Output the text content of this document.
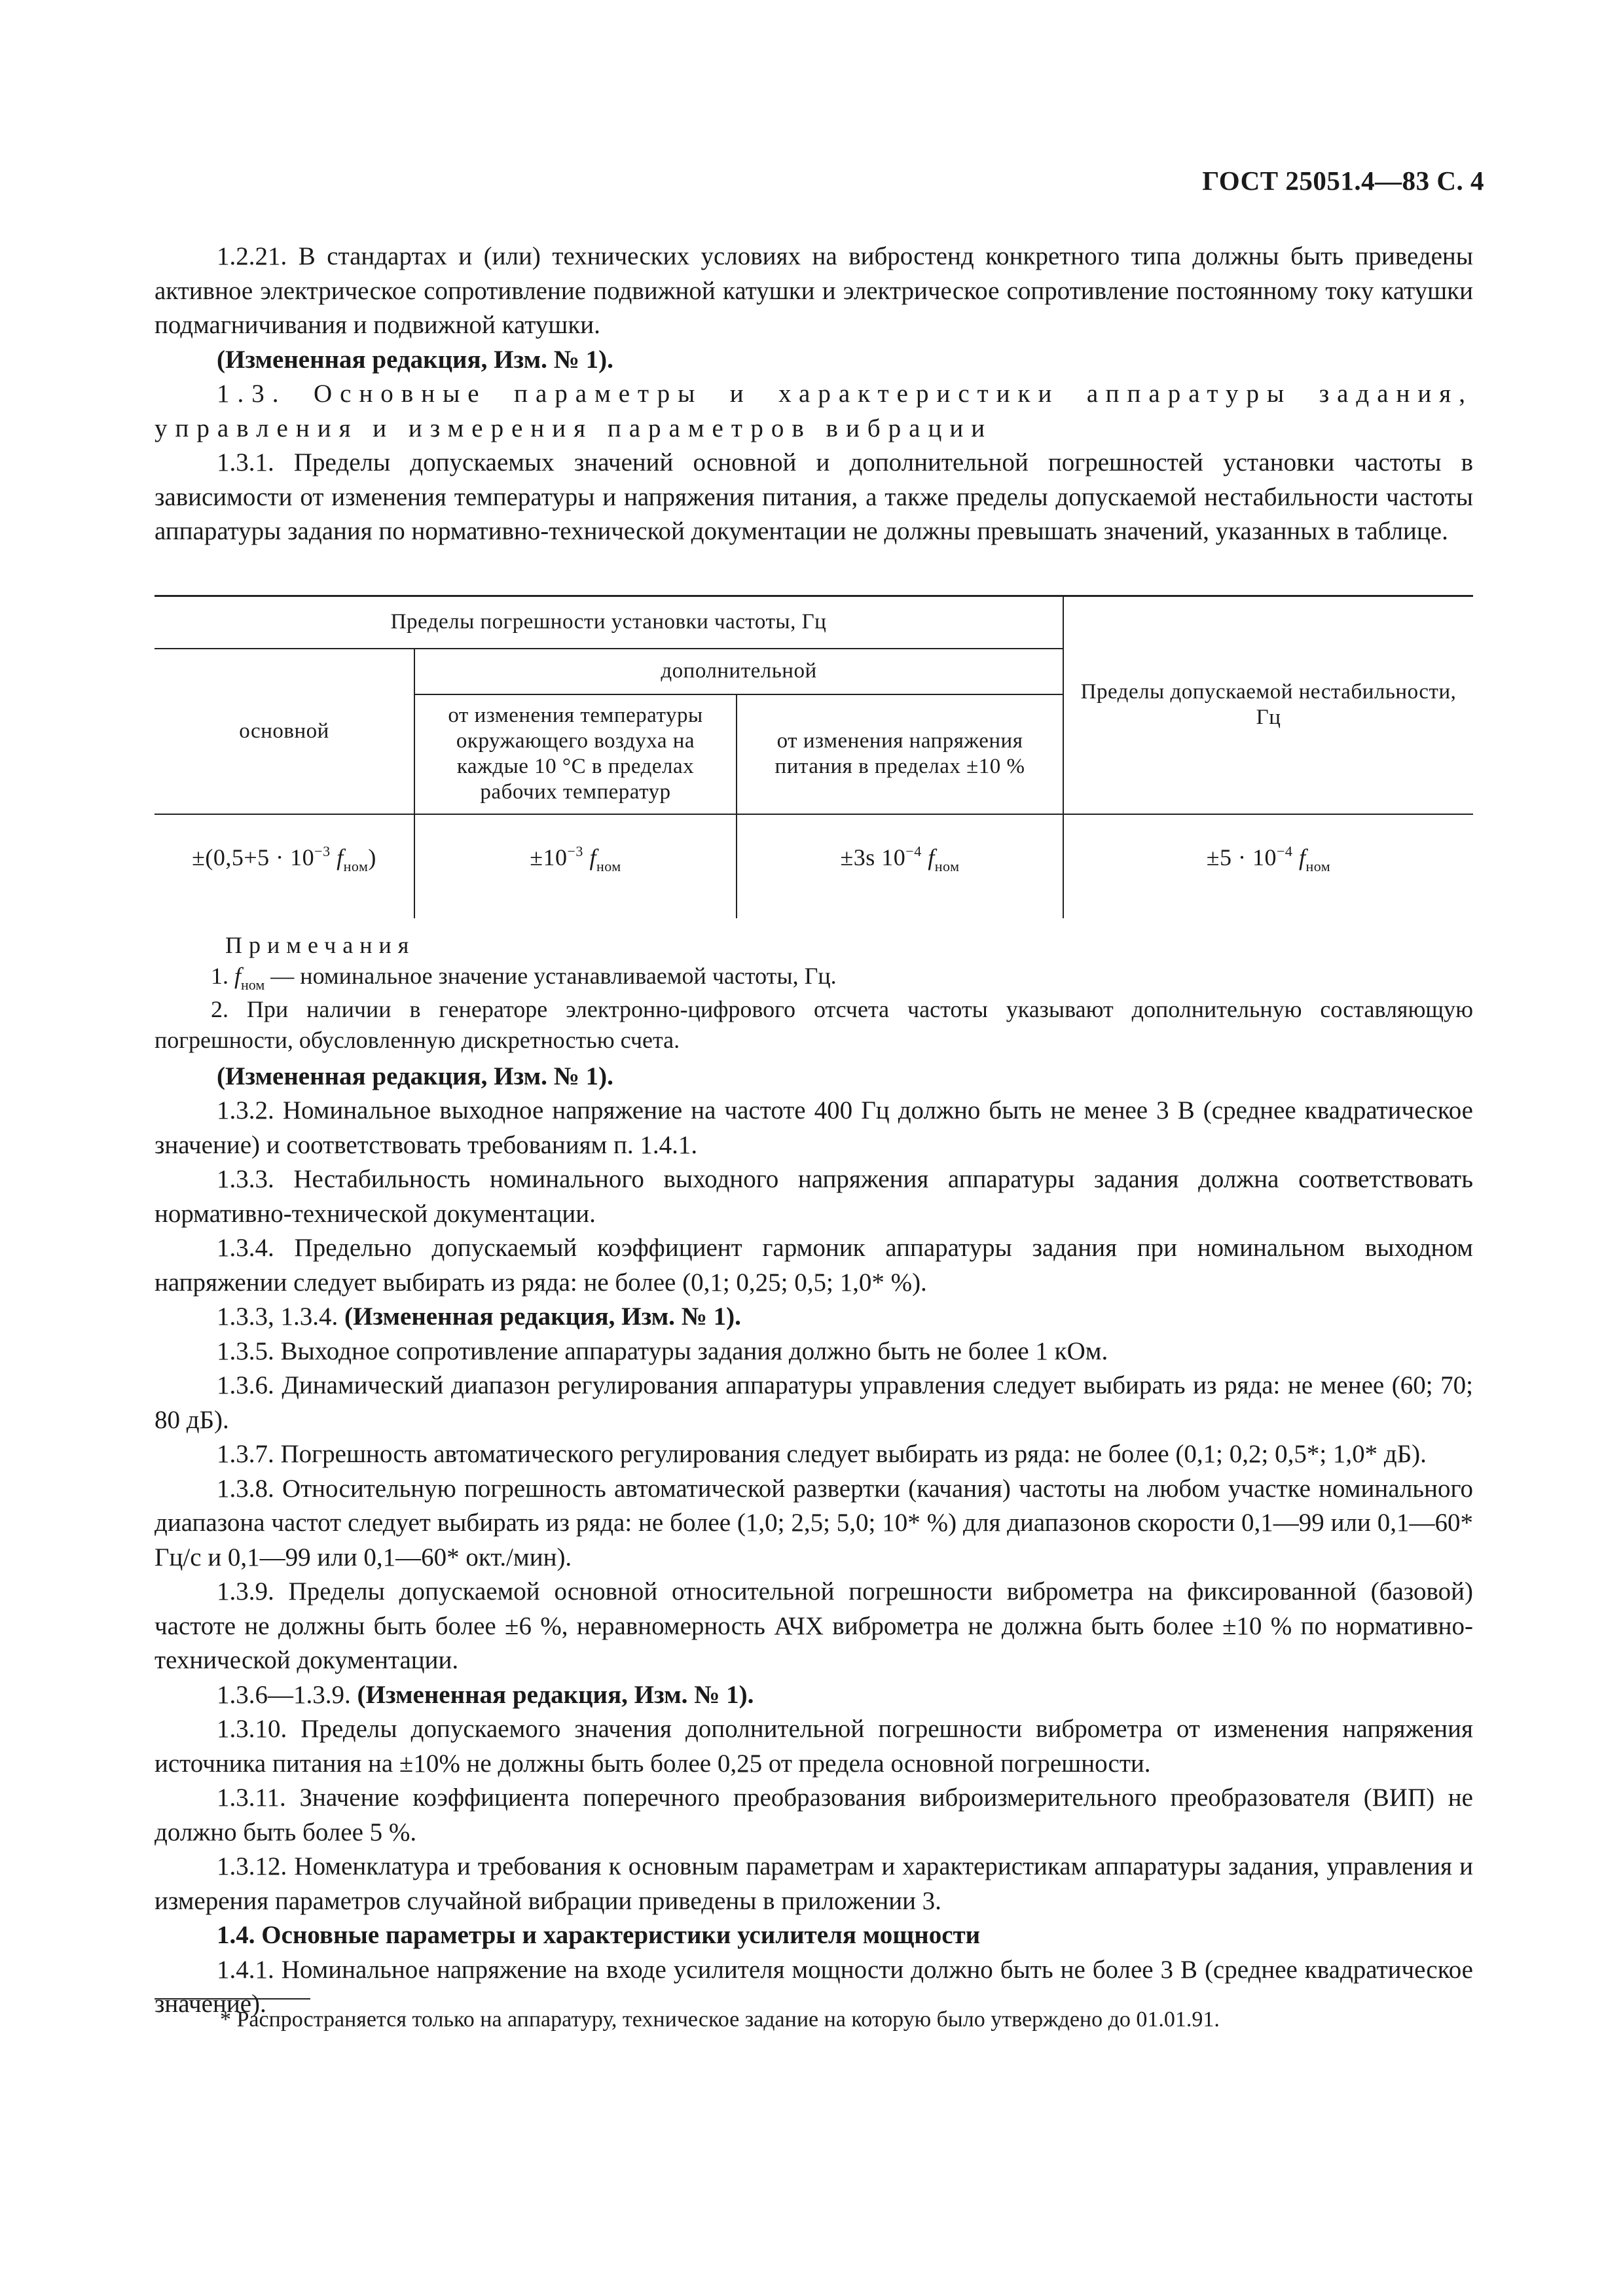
ГОСТ 25051.4—83 С. 4

1.2.21. В стандартах и (или) технических условиях на вибростенд конкретного типа должны быть приведены активное электрическое сопротивление подвижной катушки и электрическое сопротивление постоянному току катушки подмагничивания и подвижной катушки.

(Измененная редакция, Изм. № 1).

1.3. Основные параметры и характеристики аппаратуры задания, управления и измерения параметров вибрации

1.3.1. Пределы допускаемых значений основной и дополнительной погрешностей установки частоты в зависимости от изменения температуры и напряжения питания, а также пределы допускаемой нестабильности частоты аппаратуры задания по нормативно-технической документации не должны превышать значений, указанных в таблице.

Пределы погрешности установки частоты, Гц			Пределы допускаемой нестабильности, Гц
основной	дополнительной		
	от изменения температуры окружающего воздуха на каждые 10 °С в пределах рабочих температур	от изменения напряжения питания в пределах ±10 %	
$\pm(0,5+5 \cdot 10^{-3}$ $f_{ном}$)	$\pm 10^{-3}$ $f_{ном}$	±3s $10^{-4}$ $f_{ном}$	$\pm 5 \cdot 10^{-4}$ $f_{ном}$

Примечания

1. $f_{ном}$ — номинальное значение устанавливаемой частоты, Гц.

2. При наличии в генераторе электронно-цифрового отсчета частоты указывают дополнительную составляющую погрешности, обусловленную дискретностью счета.

(Измененная редакция, Изм. № 1).

1.3.2. Номинальное выходное напряжение на частоте 400 Гц должно быть не менее 3 В (среднее квадратическое значение) и соответствовать требованиям п. 1.4.1.

1.3.3. Нестабильность номинального выходного напряжения аппаратуры задания должна соответствовать нормативно-технической документации.

1.3.4. Предельно допускаемый коэффициент гармоник аппаратуры задания при номинальном выходном напряжении следует выбирать из ряда: не более (0,1; 0,25; 0,5; 1,0* %).

1.3.3, 1.3.4. (Измененная редакция, Изм. № 1).

1.3.5. Выходное сопротивление аппаратуры задания должно быть не более 1 кОм.

1.3.6. Динамический диапазон регулирования аппаратуры управления следует выбирать из ряда: не менее (60; 70; 80 дБ).

1.3.7. Погрешность автоматического регулирования следует выбирать из ряда: не более (0,1; 0,2; 0,5*; 1,0* дБ).

1.3.8. Относительную погрешность автоматической развертки (качания) частоты на любом участке номинального диапазона частот следует выбирать из ряда: не более (1,0; 2,5; 5,0; 10* %) для диапазонов скорости 0,1—99 или 0,1—60* Гц/с и 0,1—99 или 0,1—60* окт./мин).

1.3.9. Пределы допускаемой основной относительной погрешности виброметра на фиксированной (базовой) частоте не должны быть более ±6 %, неравномерность АЧХ виброметра не должна быть более ±10 % по нормативно-технической документации.

1.3.6—1.3.9. (Измененная редакция, Изм. № 1).

1.3.10. Пределы допускаемого значения дополнительной погрешности виброметра от изменения напряжения источника питания на ±10% не должны быть более 0,25 от предела основной погрешности.

1.3.11. Значение коэффициента поперечного преобразования виброизмерительного преобразователя (ВИП) не должно быть более 5 %.

1.3.12. Номенклатура и требования к основным параметрам и характеристикам аппаратуры задания, управления и измерения параметров случайной вибрации приведены в приложении 3.

1.4. Основные параметры и характеристики усилителя мощности

1.4.1. Номинальное напряжение на входе усилителя мощности должно быть не более 3 В (среднее квадратическое значение).

* Распространяется только на аппаратуру, техническое задание на которую было утверждено до 01.01.91.
